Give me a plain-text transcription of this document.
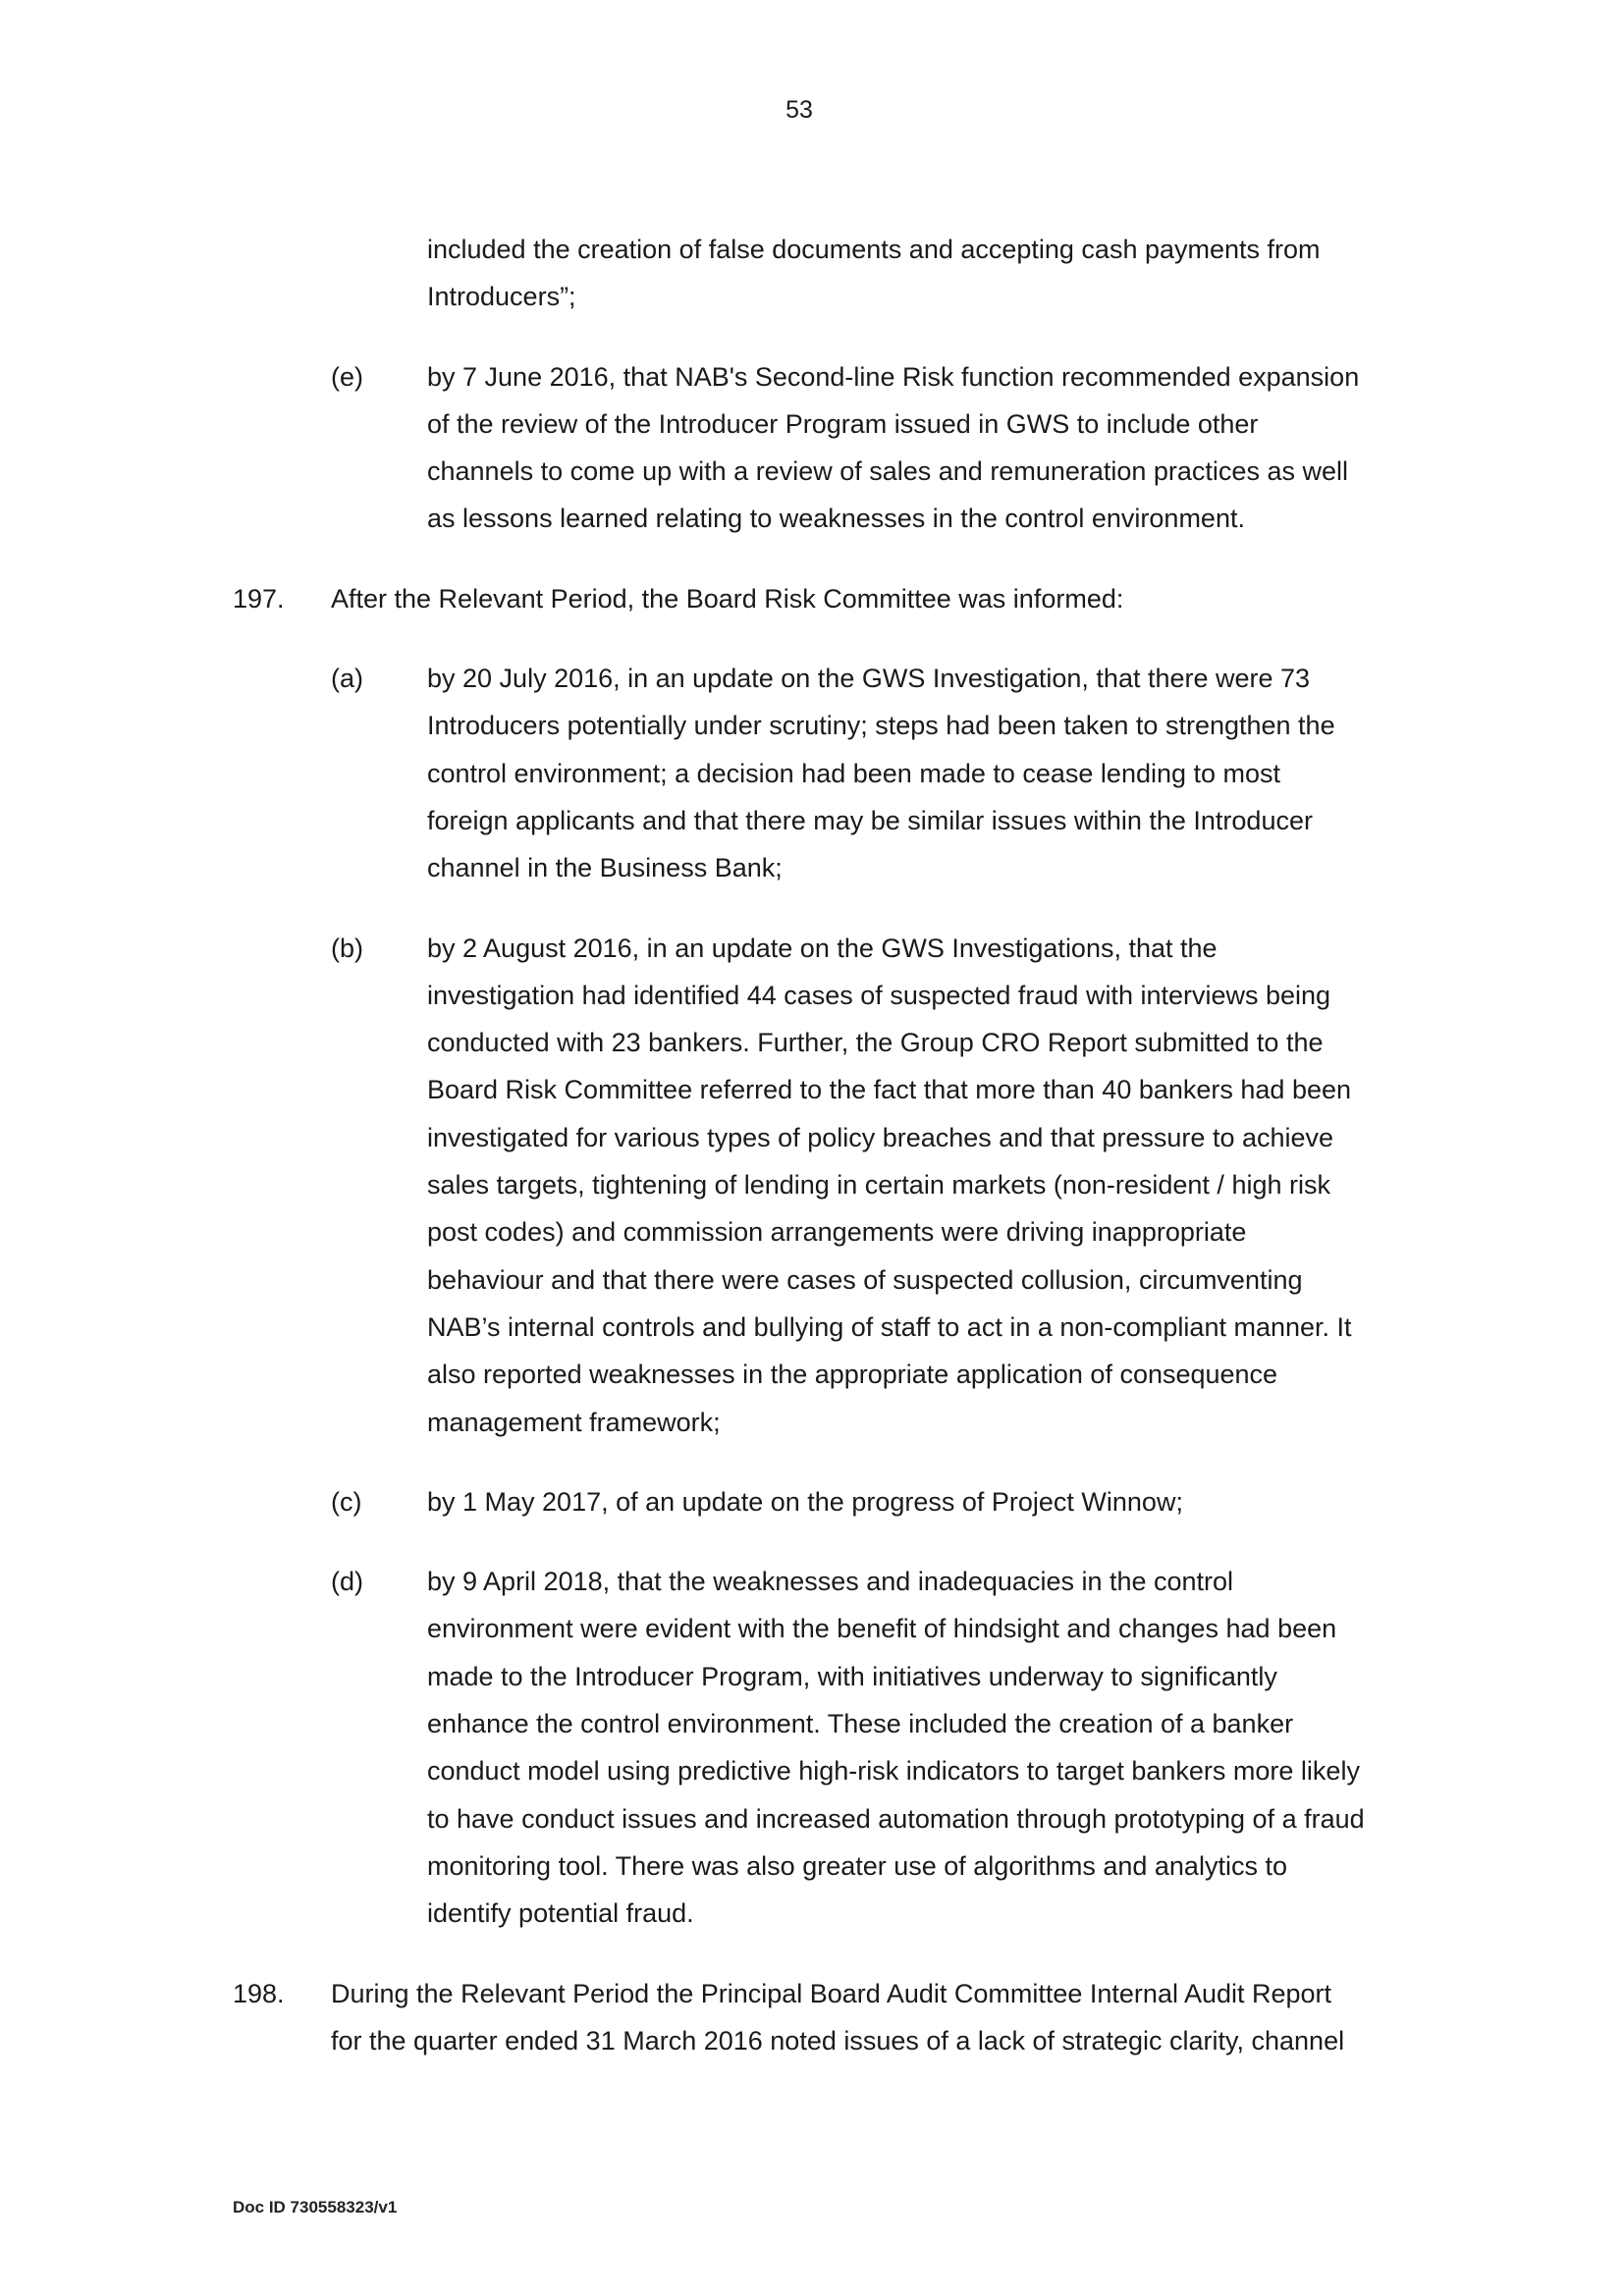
53
included the creation of false documents and accepting cash payments from
Introducers”;
(e) by 7 June 2016, that NAB's Second-line Risk function recommended expansion
of the review of the Introducer Program issued in GWS to include other
channels to come up with a review of sales and remuneration practices as well
as lessons learned relating to weaknesses in the control environment.
197. After the Relevant Period, the Board Risk Committee was informed:
(a) by 20 July 2016, in an update on the GWS Investigation, that there were 73
Introducers potentially under scrutiny; steps had been taken to strengthen the
control environment; a decision had been made to cease lending to most
foreign applicants and that there may be similar issues within the Introducer
channel in the Business Bank;
(b) by 2 August 2016, in an update on the GWS Investigations, that the
investigation had identified 44 cases of suspected fraud with interviews being
conducted with 23 bankers. Further, the Group CRO Report submitted to the
Board Risk Committee referred to the fact that more than 40 bankers had been
investigated for various types of policy breaches and that pressure to achieve
sales targets, tightening of lending in certain markets (non-resident / high risk
post codes) and commission arrangements were driving inappropriate
behaviour and that there were cases of suspected collusion, circumventing
NAB’s internal controls and bullying of staff to act in a non-compliant manner. It
also reported weaknesses in the appropriate application of consequence
management framework;
(c) by 1 May 2017, of an update on the progress of Project Winnow;
(d) by 9 April 2018, that the weaknesses and inadequacies in the control
environment were evident with the benefit of hindsight and changes had been
made to the Introducer Program, with initiatives underway to significantly
enhance the control environment. These included the creation of a banker
conduct model using predictive high-risk indicators to target bankers more likely
to have conduct issues and increased automation through prototyping of a fraud
monitoring tool. There was also greater use of algorithms and analytics to
identify potential fraud.
198. During the Relevant Period the Principal Board Audit Committee Internal Audit Report
for the quarter ended 31 March 2016 noted issues of a lack of strategic clarity, channel
Doc ID 730558323/v1
